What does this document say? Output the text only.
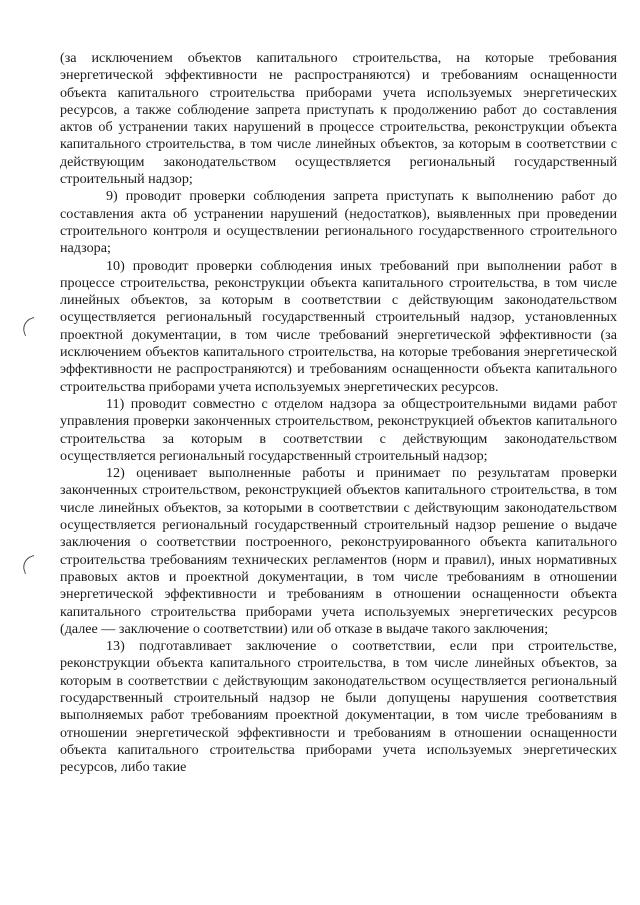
(за исключением объектов капитального строительства, на которые требования энергетической эффективности не распространяются) и требованиям оснащенности объекта капитального строительства приборами учета используемых энергетических ресурсов, а также соблюдение запрета приступать к продолжению работ до составления актов об устранении таких нарушений в процессе строительства, реконструкции объекта капитального строительства, в том числе линейных объектов, за которым в соответствии с действующим законодательством осуществляется региональный государственный строительный надзор;

9) проводит проверки соблюдения запрета приступать к выполнению работ до составления акта об устранении нарушений (недостатков), выявленных при проведении строительного контроля и осуществлении регионального государственного строительного надзора;

10) проводит проверки соблюдения иных требований при выполнении работ в процессе строительства, реконструкции объекта капитального строительства, в том числе линейных объектов, за которым в соответствии с действующим законодательством осуществляется региональный государственный строительный надзор, установленных проектной документации, в том числе требований энергетической эффективности (за исключением объектов капитального строительства, на которые требования энергетической эффективности не распространяются) и требованиям оснащенности объекта капитального строительства приборами учета используемых энергетических ресурсов.

11) проводит совместно с отделом надзора за общестроительными видами работ управления проверки законченных строительством, реконструкцией объектов капитального строительства за которым в соответствии с действующим законодательством осуществляется региональный государственный строительный надзор;

12) оценивает выполненные работы и принимает по результатам проверки законченных строительством, реконструкцией объектов капитального строительства, в том числе линейных объектов, за которыми в соответствии с действующим законодательством осуществляется региональный государственный строительный надзор решение о выдаче заключения о соответствии построенного, реконструированного объекта капитального строительства требованиям технических регламентов (норм и правил), иных нормативных правовых актов и проектной документации, в том числе требованиям в отношении энергетической эффективности и требованиям в отношении оснащенности объекта капитального строительства приборами учета используемых энергетических ресурсов (далее — заключение о соответствии) или об отказе в выдаче такого заключения;

13) подготавливает заключение о соответствии, если при строительстве, реконструкции объекта капитального строительства, в том числе линейных объектов, за которым в соответствии с действующим законодательством осуществляется региональный государственный строительный надзор не были допущены нарушения соответствия выполняемых работ требованиям проектной документации, в том числе требованиям в отношении энергетической эффективности и требованиям в отношении оснащенности объекта капитального строительства приборами учета используемых энергетических ресурсов, либо такие
